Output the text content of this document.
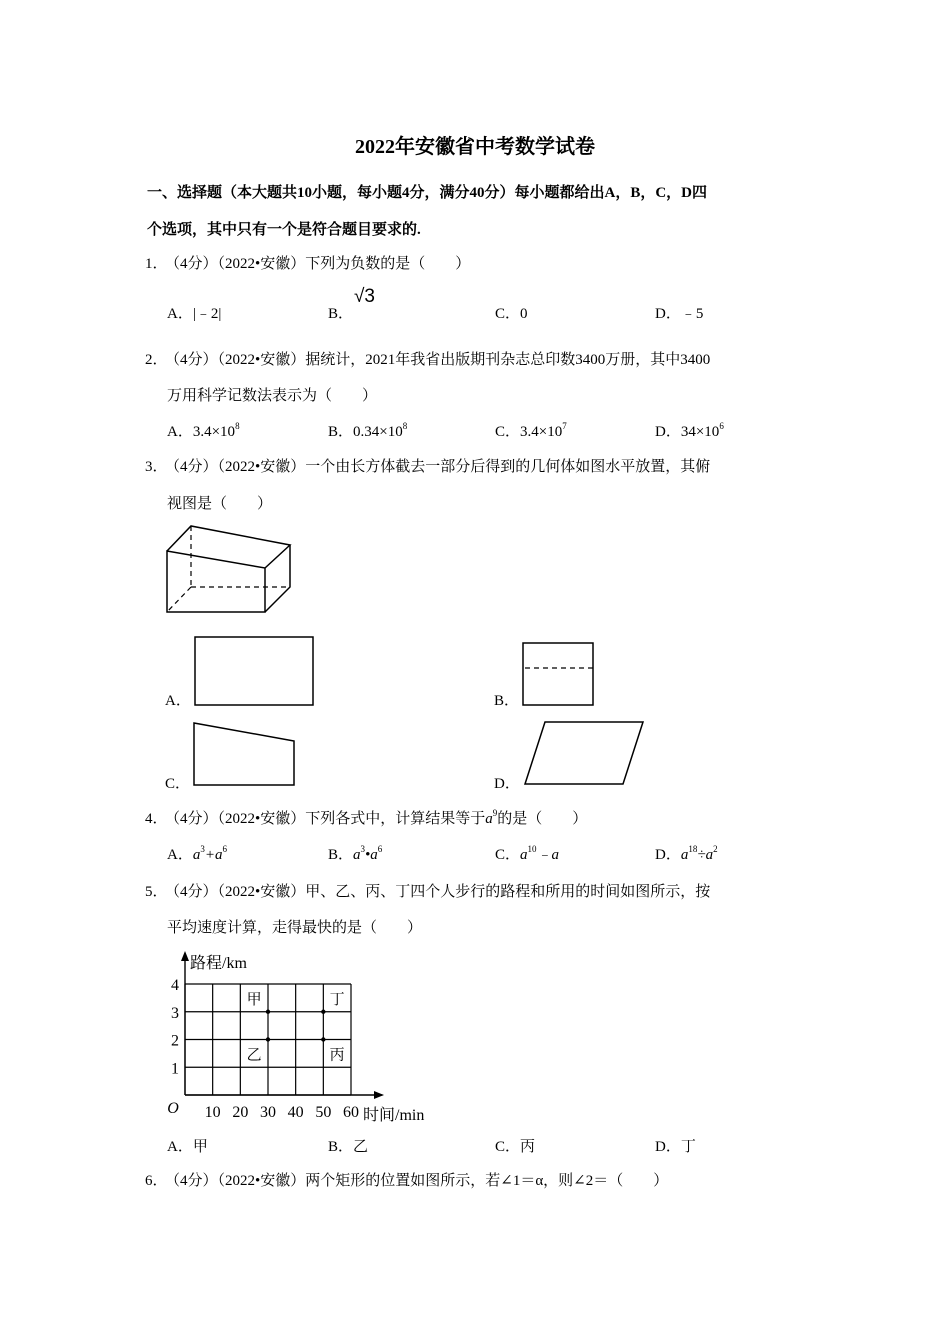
2022年安徽省中考数学试卷
一、选择题（本大题共10小题，每小题4分，满分40分）每小题都给出A，B，C，D四
个选项，其中只有一个是符合题目要求的.
1．
（4分）（2022•安徽）下列为负数的是（　　）
A．|﹣2|	B．
√3
C．0	D．﹣5
2．
（4分）（2022•安徽）据统计，2021年我省出版期刊杂志总印数3400万册，其中3400
万用科学记数法表示为（　　）
A．$3.4\times 10^8$	B．$0.34\times 10^8$	C．$3.4\times 10^7$	D．$34\times 10^6$
3．
（4分）（2022•安徽）一个由长方体截去一部分后得到的几何体如图水平放置，其俯
视图是（　　）
A．	B．
C．	D．
4．
（4分）（2022•安徽）下列各式中，计算结果等于$a^9$的是（　　）
A．$a^3+a^6$	B．$a^3•a^6$	C．$a^{10}﹣a$	D．$a^{18}\div a^2$
5．
（4分）（2022•安徽）甲、乙、丙、丁四个人步行的路程和所用的时间如图所示，按
平均速度计算，走得最快的是（　　）
10 20 30 40 50 60
1
2
3
4
O
路程/km
时间/min
甲
乙	丙
丁
A．甲	B．乙	C．丙	D．丁
6．
（4分）（2022•安徽）两个矩形的位置如图所示，若∠1＝α，则∠2＝（　　）
